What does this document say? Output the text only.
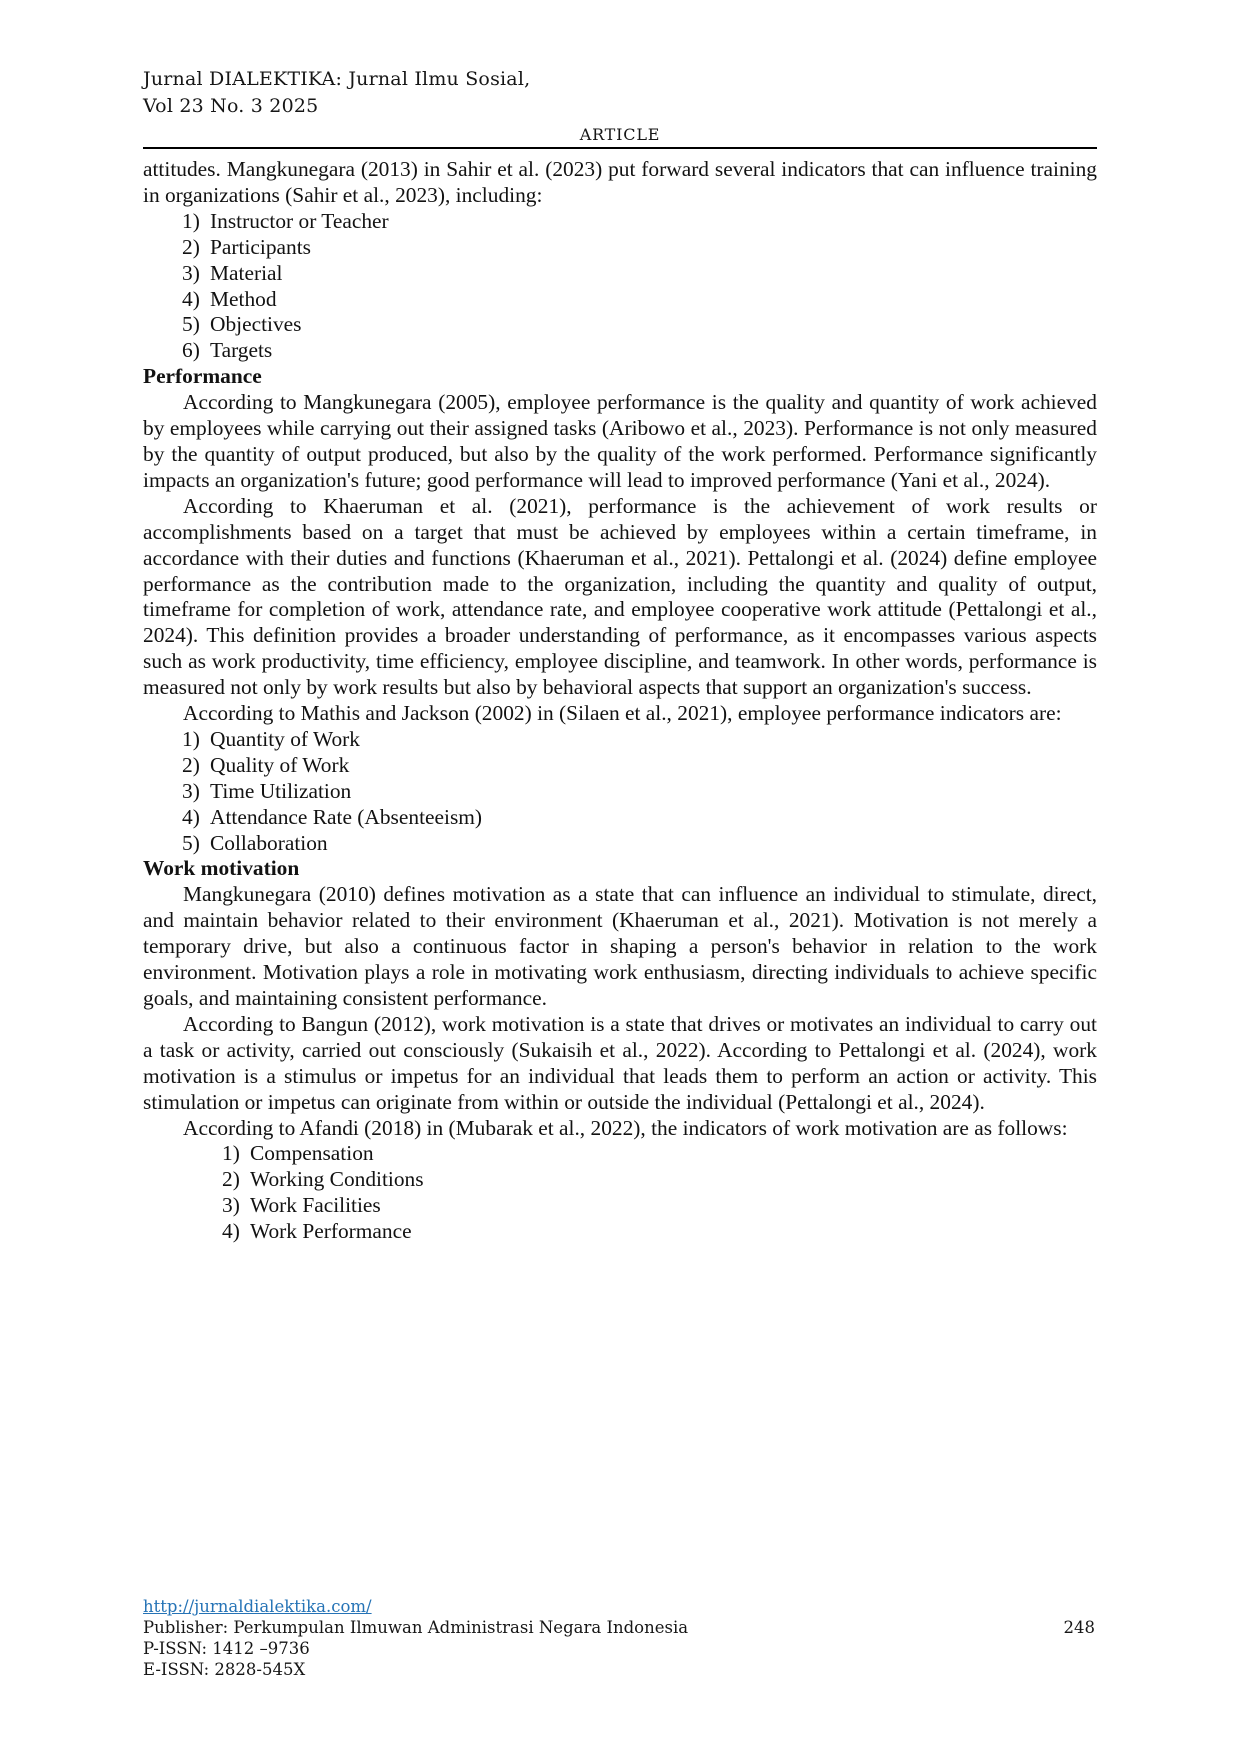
Jurnal DIALEKTIKA: Jurnal Ilmu Sosial,
Vol 23 No. 3 2025
ARTICLE

attitudes. Mangkunegara (2013) in Sahir et al. (2023) put forward several indicators that can influence training in organizations (Sahir et al., 2023), including:

Instructor or Teacher
Participants
Material
Method
Objectives
Targets
Performance

According to Mangkunegara (2005), employee performance is the quality and quantity of work achieved by employees while carrying out their assigned tasks (Aribowo et al., 2023). Performance is not only measured by the quantity of output produced, but also by the quality of the work performed. Performance significantly impacts an organization's future; good performance will lead to improved performance (Yani et al., 2024).

According to Khaeruman et al. (2021), performance is the achievement of work results or accomplishments based on a target that must be achieved by employees within a certain timeframe, in accordance with their duties and functions (Khaeruman et al., 2021). Pettalongi et al. (2024) define employee performance as the contribution made to the organization, including the quantity and quality of output, timeframe for completion of work, attendance rate, and employee cooperative work attitude (Pettalongi et al., 2024). This definition provides a broader understanding of performance, as it encompasses various aspects such as work productivity, time efficiency, employee discipline, and teamwork. In other words, performance is measured not only by work results but also by behavioral aspects that support an organization's success.

According to Mathis and Jackson (2002) in (Silaen et al., 2021), employee performance indicators are:

Quantity of Work
Quality of Work
Time Utilization
Attendance Rate (Absenteeism)
Collaboration
Work motivation

Mangkunegara (2010) defines motivation as a state that can influence an individual to stimulate, direct, and maintain behavior related to their environment (Khaeruman et al., 2021). Motivation is not merely a temporary drive, but also a continuous factor in shaping a person's behavior in relation to the work environment. Motivation plays a role in motivating work enthusiasm, directing individuals to achieve specific goals, and maintaining consistent performance.

According to Bangun (2012), work motivation is a state that drives or motivates an individual to carry out a task or activity, carried out consciously (Sukaisih et al., 2022). According to Pettalongi et al. (2024), work motivation is a stimulus or impetus for an individual that leads them to perform an action or activity. This stimulation or impetus can originate from within or outside the individual (Pettalongi et al., 2024).

According to Afandi (2018) in (Mubarak et al., 2022), the indicators of work motivation are as follows:

Compensation
Working Conditions
Work Facilities
Work Performance
http://jurnaldialektika.com/
Publisher: Perkumpulan Ilmuwan Administrasi Negara Indonesia	248
P-ISSN: 1412 –9736
E-ISSN: 2828-545X
